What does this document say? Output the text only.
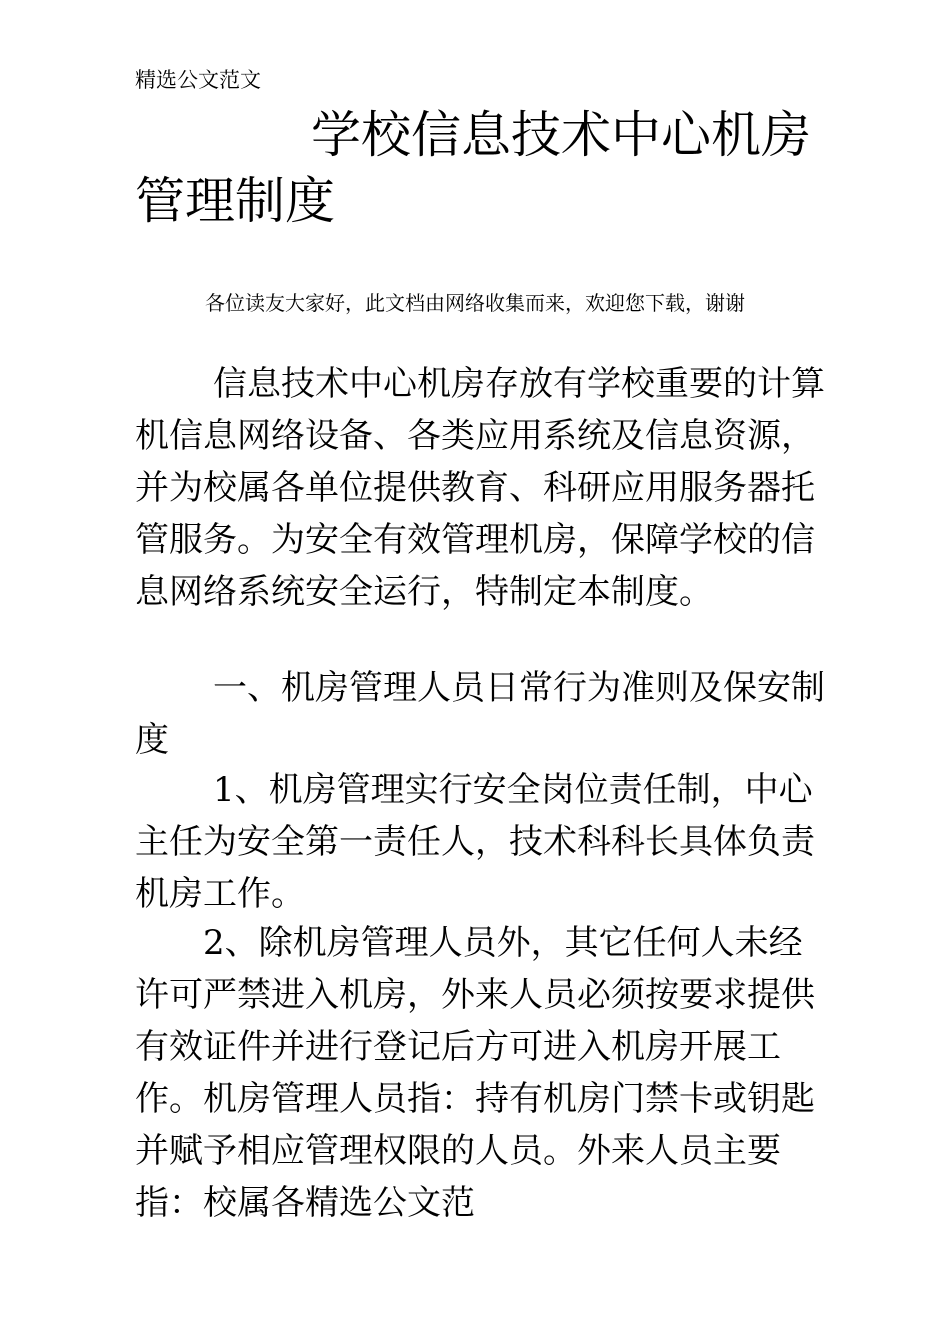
精选公文范文
学校信息技术中心机房管理制度
各位读友大家好，此文档由网络收集而来，欢迎您下载，谢谢

信息技术中心机房存放有学校重要的计算机信息网络设备、各类应用系统及信息资源，并为校属各单位提供教育、科研应用服务器托管服务。为安全有效管理机房，保障学校的信息网络系统安全运行，特制定本制度。

一、机房管理人员日常行为准则及保安制度

1、机房管理实行安全岗位责任制，中心主任为安全第一责任人，技术科科长具体负责机房工作。

2、除机房管理人员外，其它任何人未经许可严禁进入机房，外来人员必须按要求提供有效证件并进行登记后方可进入机房开展工作。机房管理人员指：持有机房门禁卡或钥匙并赋予相应管理权限的人员。外来人员主要指：校属各精选公文范
